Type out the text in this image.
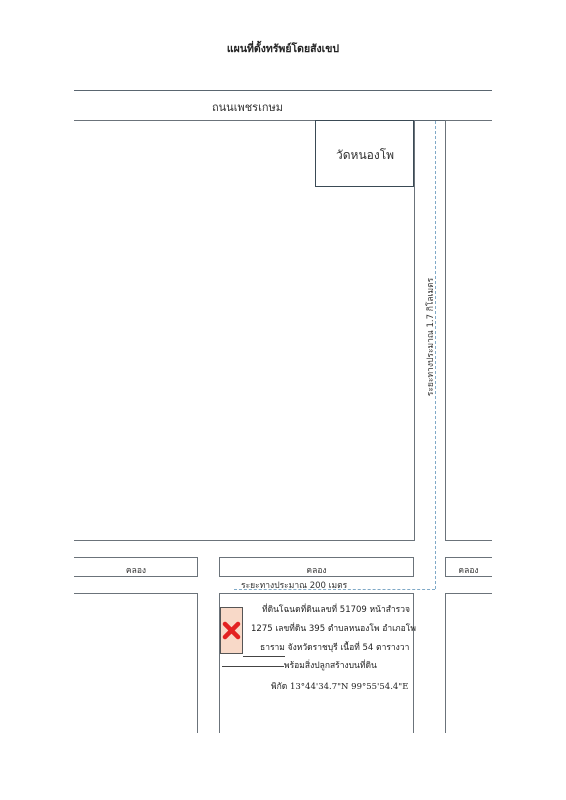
แผนที่ตั้งทรัพย์โดยสังเขป
ถนนเพชรเกษม
วัดหนองโพ
คลอง	คลอง	คลอง
ระยะทางประมาณ 1.7 กิโลเมตร
ระยะทางประมาณ 200 เมตร
ที่ดินโฉนดที่ดินเลขที่ 51709 หน้าสำรวจ
1275 เลขที่ดิน 395 ตำบลหนองโพ อำเภอโพ
ธาราม จังหวัดราชบุรี เนื้อที่ 54 ตารางวา
พร้อมสิ่งปลูกสร้างบนที่ดิน
พิกัด 13°44'34.7"N 99°55'54.4"E
